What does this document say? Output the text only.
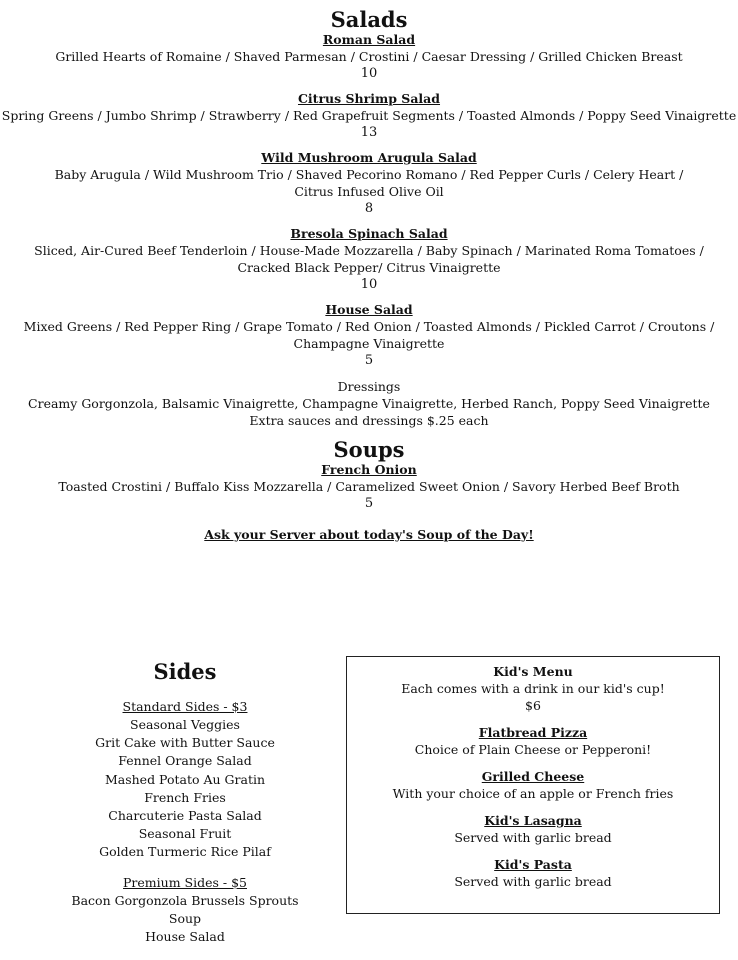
Salads
Roman Salad
Grilled Hearts of Romaine / Shaved Parmesan / Crostini / Caesar Dressing / Grilled Chicken Breast
10
Citrus Shrimp Salad
Spring Greens / Jumbo Shrimp / Strawberry / Red Grapefruit Segments / Toasted Almonds / Poppy Seed Vinaigrette
13
Wild Mushroom Arugula Salad
Baby Arugula / Wild Mushroom Trio / Shaved Pecorino Romano / Red Pepper Curls / Celery Heart /
Citrus Infused Olive Oil
8
Bresola Spinach Salad
Sliced, Air-Cured Beef Tenderloin / House-Made Mozzarella / Baby Spinach / Marinated Roma Tomatoes /
Cracked Black Pepper/ Citrus Vinaigrette
10
House Salad
Mixed Greens / Red Pepper Ring / Grape Tomato / Red Onion / Toasted Almonds / Pickled Carrot / Croutons /
Champagne Vinaigrette
5
Dressings
Creamy Gorgonzola, Balsamic Vinaigrette, Champagne Vinaigrette, Herbed Ranch, Poppy Seed Vinaigrette
Extra sauces and dressings $.25 each
Soups
French Onion
Toasted Crostini / Buffalo Kiss Mozzarella / Caramelized Sweet Onion / Savory Herbed Beef Broth
5
Ask your Server about today's Soup of the Day!
Sides
Standard Sides - $3
Seasonal Veggies
Grit Cake with Butter Sauce
Fennel Orange Salad
Mashed Potato Au Gratin
French Fries
Charcuterie Pasta Salad
Seasonal Fruit
Golden Turmeric Rice Pilaf
Premium Sides - $5
Bacon Gorgonzola Brussels Sprouts
Soup
House Salad
Kid's Menu
Each comes with a drink in our kid's cup!
$6
Flatbread Pizza
Choice of Plain Cheese or Pepperoni!
Grilled Cheese
With your choice of an apple or French fries
Kid's Lasagna
Served with garlic bread
Kid's Pasta
Served with garlic bread
